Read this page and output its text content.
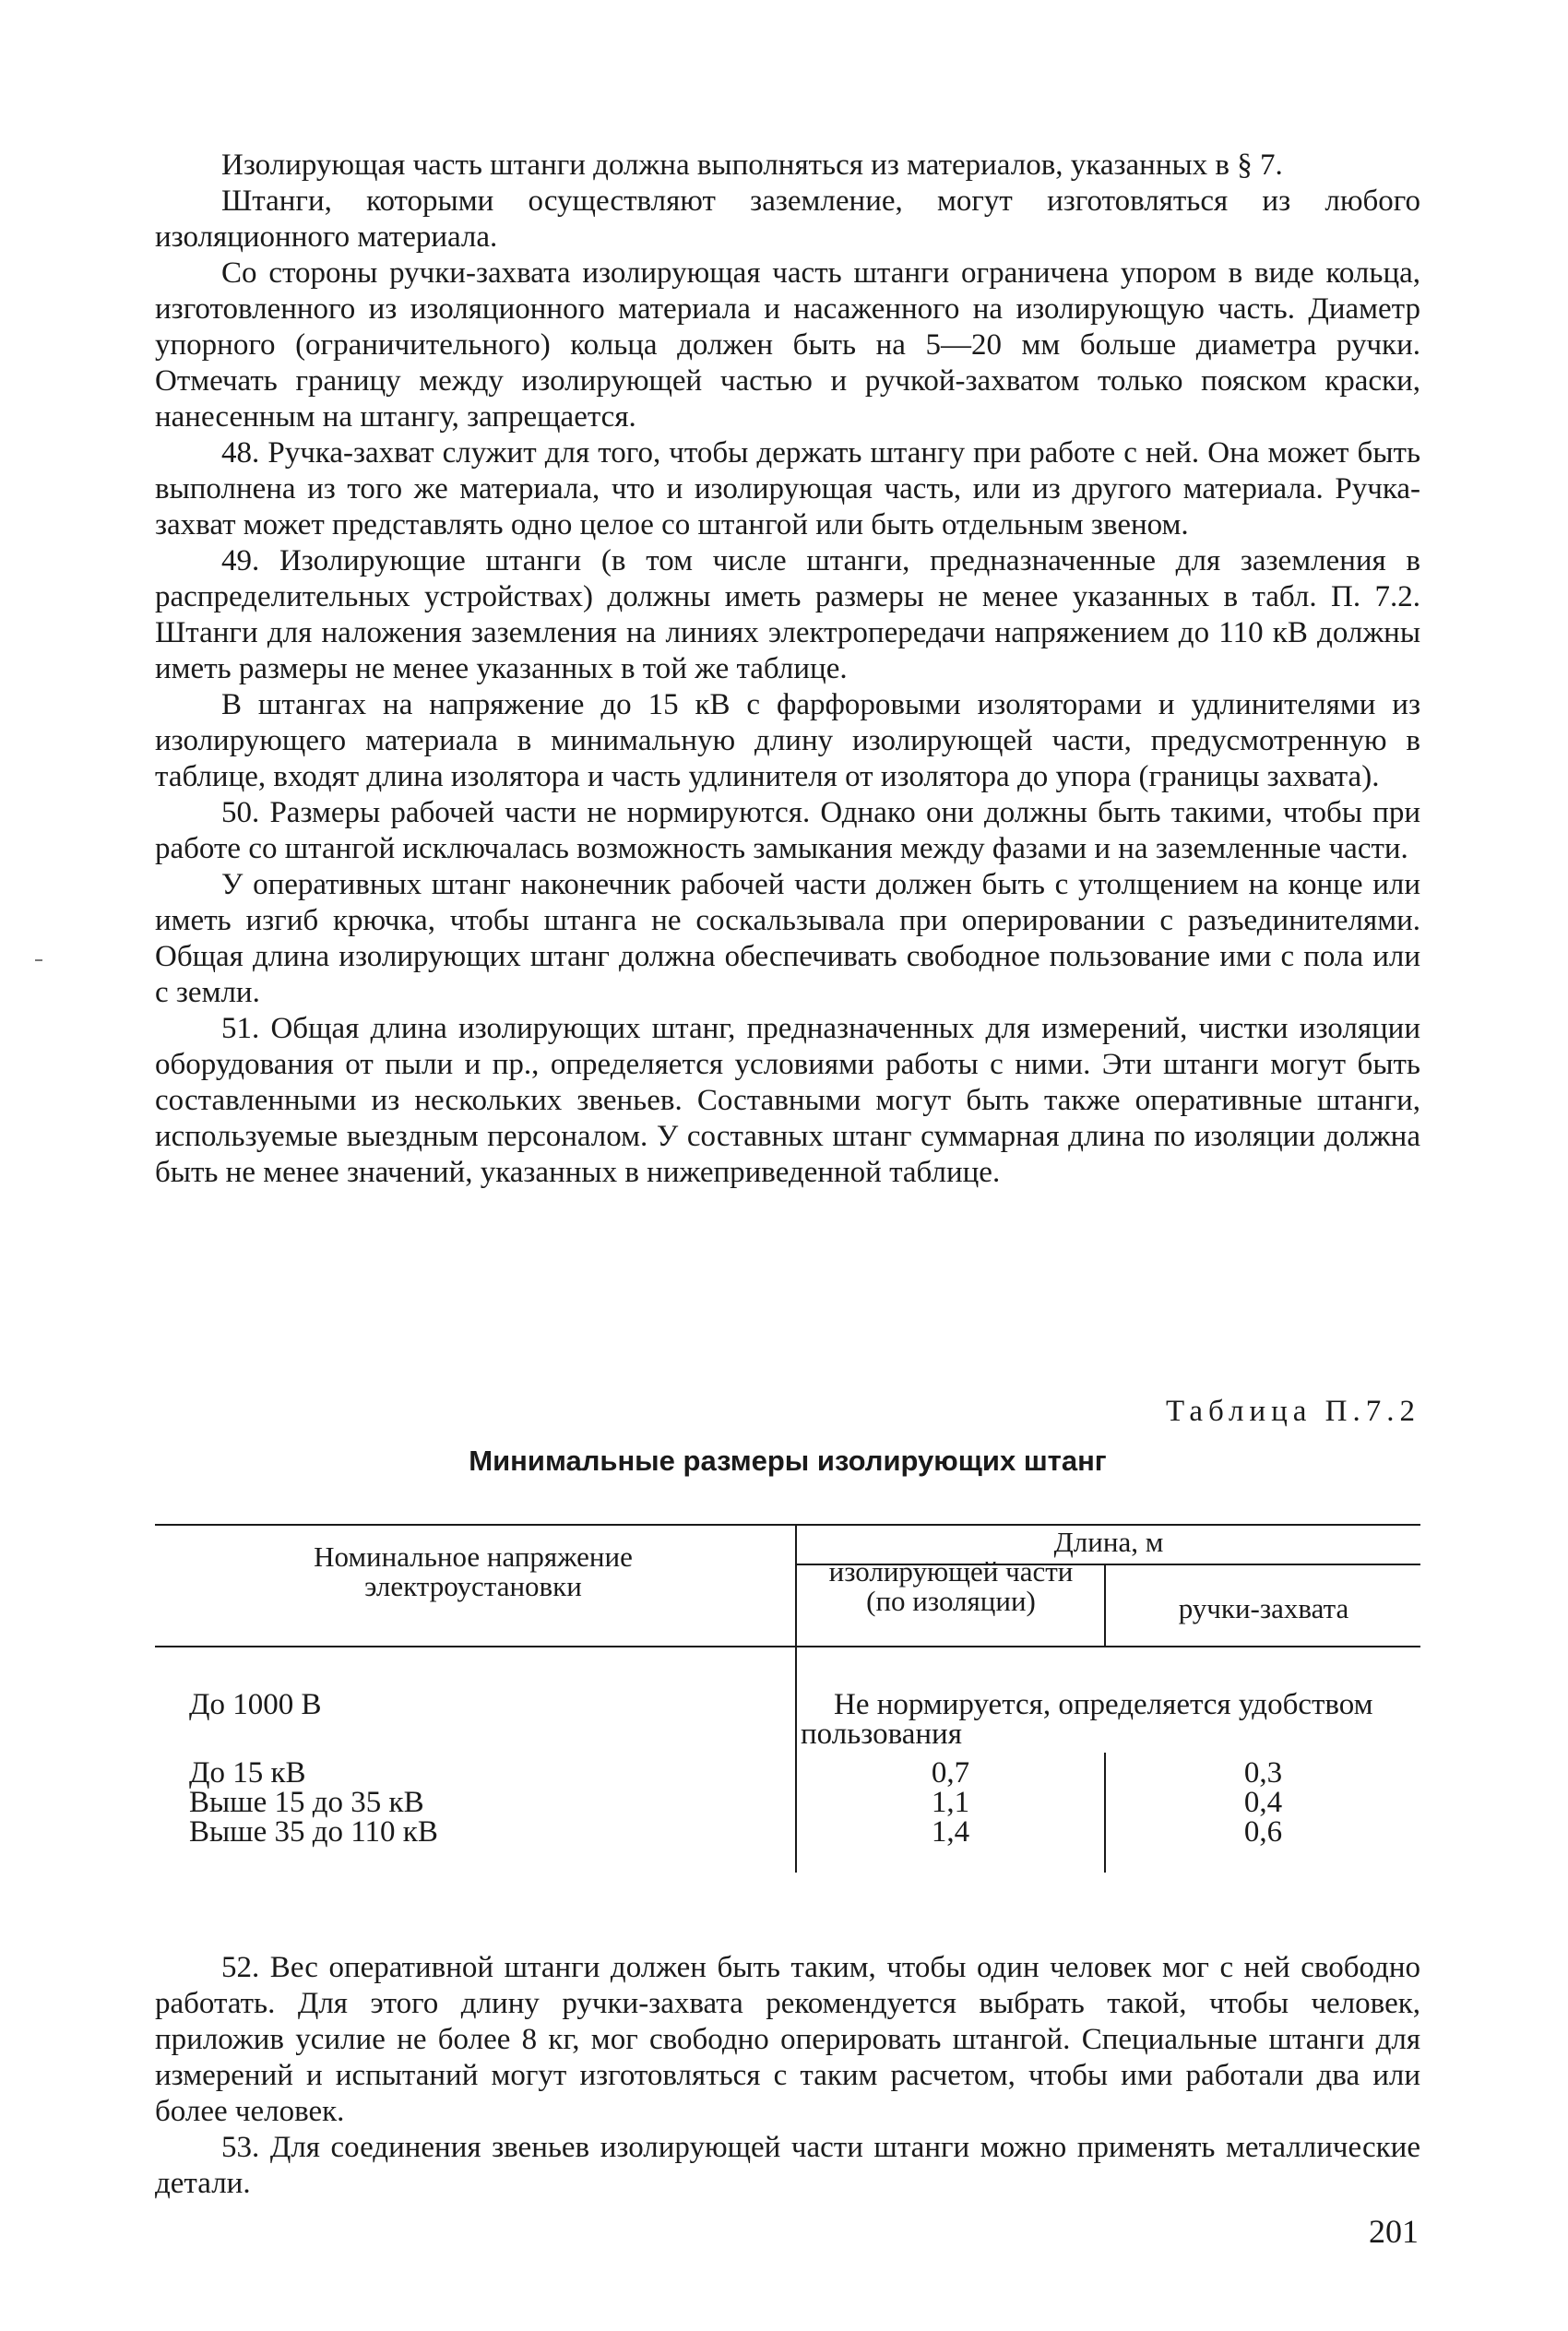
Изолирующая часть штанги должна выполняться из материалов, указанных в § 7.

Штанги, которыми осуществляют заземление, могут изготовляться из любого изоляционного материала.

Со стороны ручки-захвата изолирующая часть штанги ограничена упором в виде кольца, изготовленного из изоляционного материала и насаженного на изолирующую часть. Диаметр упорного (ограничительного) кольца должен быть на 5—20 мм больше диаметра ручки. Отмечать границу между изолирующей частью и ручкой-захватом только пояском краски, нанесенным на штангу, запрещается.

48. Ручка-захват служит для того, чтобы держать штангу при работе с ней. Она может быть выполнена из того же материала, что и изолирующая часть, или из другого материала. Ручка-захват может представлять одно целое со штангой или быть отдельным звеном.

49. Изолирующие штанги (в том числе штанги, предназначенные для заземления в распределительных устройствах) должны иметь размеры не менее указанных в табл. П. 7.2. Штанги для наложения заземления на линиях электропередачи напряжением до 110 кВ должны иметь размеры не менее указанных в той же таблице.

В штангах на напряжение до 15 кВ с фарфоровыми изоляторами и удлинителями из изолирующего материала в минимальную длину изолирующей части, предусмотренную в таблице, входят длина изолятора и часть удлинителя от изолятора до упора (границы захвата).

50. Размеры рабочей части не нормируются. Однако они должны быть такими, чтобы при работе со штангой исключалась возможность замыкания между фазами и на заземленные части.

У оперативных штанг наконечник рабочей части должен быть с утолщением на конце или иметь изгиб крючка, чтобы штанга не соскальзывала при оперировании с разъединителями. Общая длина изолирующих штанг должна обеспечивать свободное пользование ими с пола или с земли.

51. Общая длина изолирующих штанг, предназначенных для измерений, чистки изоляции оборудования от пыли и пр., определяется условиями работы с ними. Эти штанги могут быть составленными из нескольких звеньев. Составными могут быть также оперативные штанги, используемые выездным персоналом. У составных штанг суммарная длина по изоляции должна быть не менее значений, указанных в нижеприведенной таблице.

Таблица П.7.2
Минимальные размеры изолирующих штанг
Номинальное напряжение электроустановки
Длина, м
изолирующей части (по изоляции)	ручки-захвата
До 1000 В	Не нормируется, определяется удобством пользования
До 15 кВ	0,7	0,3
Выше 15 до 35 кВ	1,1	0,4
Выше 35 до 110 кВ	1,4	0,6

52. Вес оперативной штанги должен быть таким, чтобы один человек мог с ней свободно работать. Для этого длину ручки-захвата рекомендуется выбрать такой, чтобы человек, приложив усилие не более 8 кг, мог свободно оперировать штангой. Специальные штанги для измерений и испытаний могут изготовляться с таким расчетом, чтобы ими работали два или более человек.

53. Для соединения звеньев изолирующей части штанги можно применять металлические детали.

201
